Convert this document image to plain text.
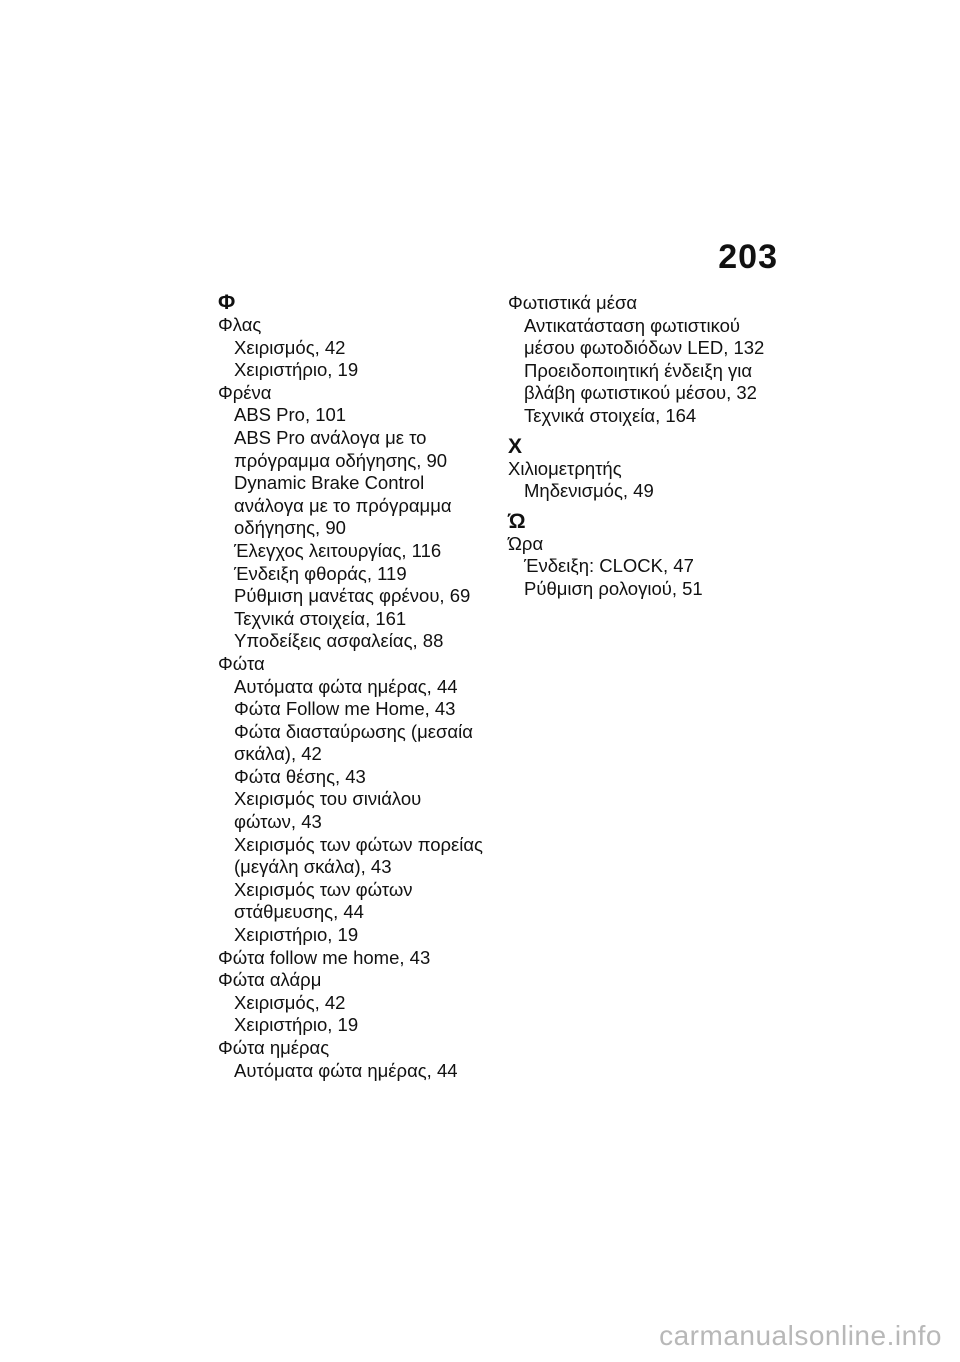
203
Φ
Φλας
Χειρισμός, 42
Χειριστήριο, 19
Φρένα
ABS Pro, 101
ABS Pro ανάλογα με το
πρόγραμμα οδήγησης, 90
Dynamic Brake Control
ανάλογα με το πρόγραμμα
οδήγησης, 90
Έλεγχος λειτουργίας, 116
Ένδειξη φθοράς, 119
Ρύθμιση μανέτας φρένου, 69
Τεχνικά στοιχεία, 161
Υποδείξεις ασφαλείας, 88
Φώτα
Αυτόματα φώτα ημέρας, 44
Φώτα Follow me Home, 43
Φώτα διασταύρωσης (μεσαία
σκάλα), 42
Φώτα θέσης, 43
Χειρισμός του σινιάλου
φώτων, 43
Χειρισμός των φώτων πορείας
(μεγάλη σκάλα), 43
Χειρισμός των φώτων
στάθμευσης, 44
Χειριστήριο, 19
Φώτα follow me home, 43
Φώτα αλάρμ
Χειρισμός, 42
Χειριστήριο, 19
Φώτα ημέρας
Αυτόματα φώτα ημέρας, 44
Φωτιστικά μέσα
Αντικατάσταση φωτιστικού
μέσου φωτοδιόδων LED, 132
Προειδοποιητική ένδειξη για
βλάβη φωτιστικού μέσου, 32
Τεχνικά στοιχεία, 164
Χ
Χιλιομετρητής
Μηδενισμός, 49
Ώ
Ώρα
Ένδειξη: CLOCK, 47
Ρύθμιση ρολογιού, 51
carmanualsonline.info
